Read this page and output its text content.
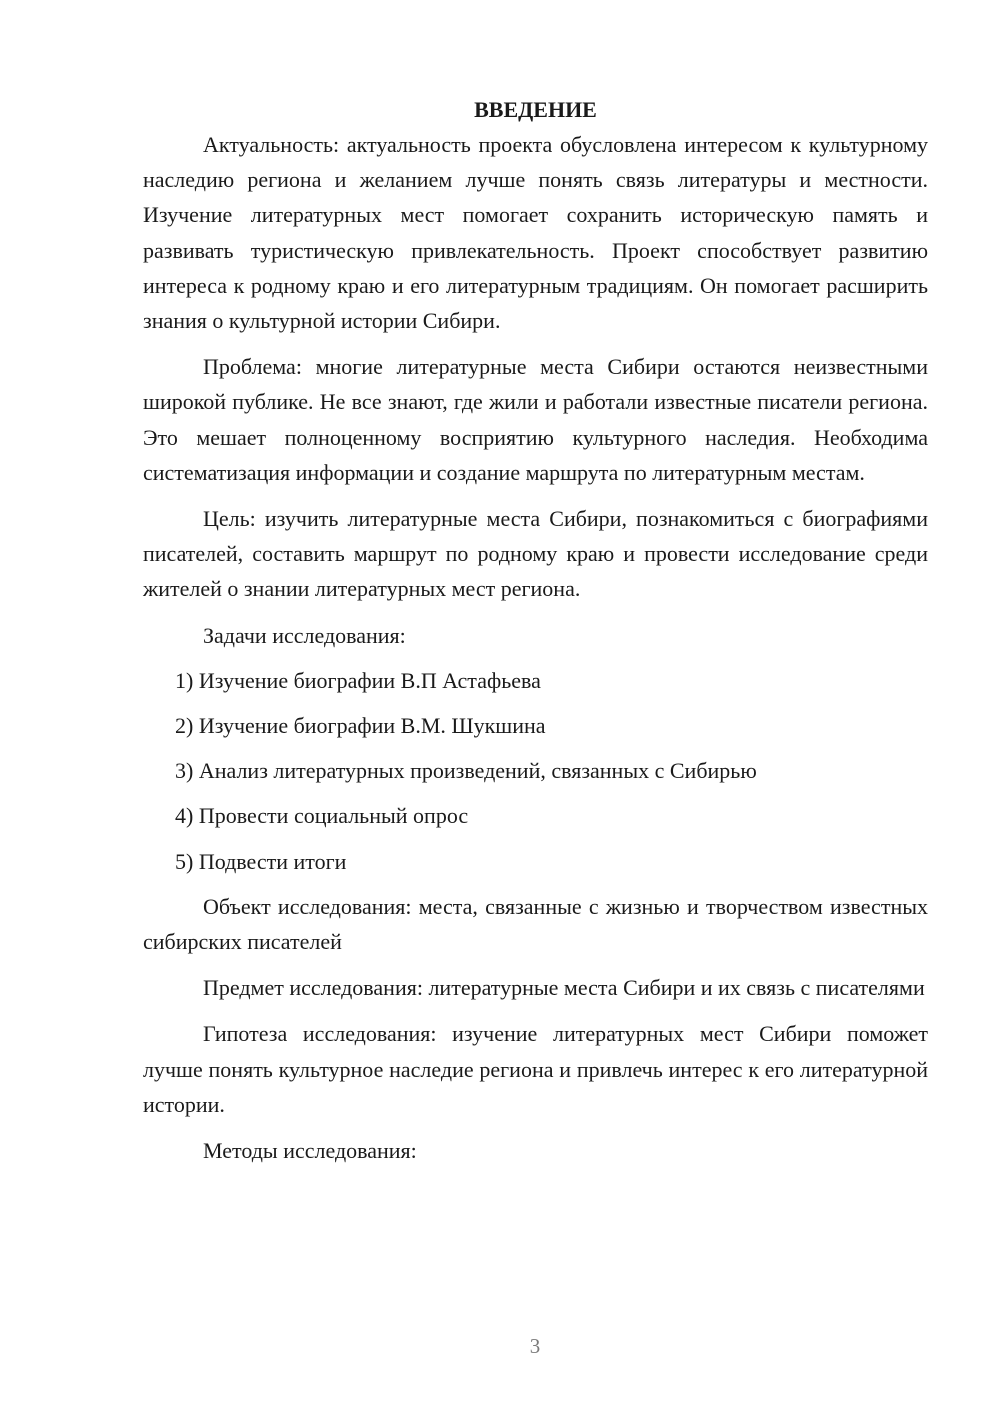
ВВЕДЕНИЕ

Актуальность: актуальность проекта обусловлена интересом к культурному наследию региона и желанием лучше понять связь литературы и местности. Изучение литературных мест помогает сохранить историческую память и развивать туристическую привлекательность. Проект способствует развитию интереса к родному краю и его литературным традициям. Он помогает расширить знания о культурной истории Сибири.

Проблема: многие литературные места Сибири остаются неизвестными широкой публике. Не все знают, где жили и работали известные писатели региона. Это мешает полноценному восприятию культурного наследия. Необходима систематизация информации и создание маршрута по литературным местам.

Цель: изучить литературные места Сибири, познакомиться с биографиями писателей, составить маршрут по родному краю и провести исследование среди жителей о знании литературных мест региона.

Задачи исследования:

1) Изучение биографии В.П Астафьева
2) Изучение биографии В.М. Шукшина
3) Анализ литературных произведений, связанных с Сибирью
4) Провести социальный опрос
5) Подвести итоги

Объект исследования: места, связанные с жизнью и творчеством известных сибирских писателей

Предмет исследования: литературные места Сибири и их связь с писателями

Гипотеза исследования: изучение литературных мест Сибири поможет лучше понять культурное наследие региона и привлечь интерес к его литературной истории.

Методы исследования:

3
